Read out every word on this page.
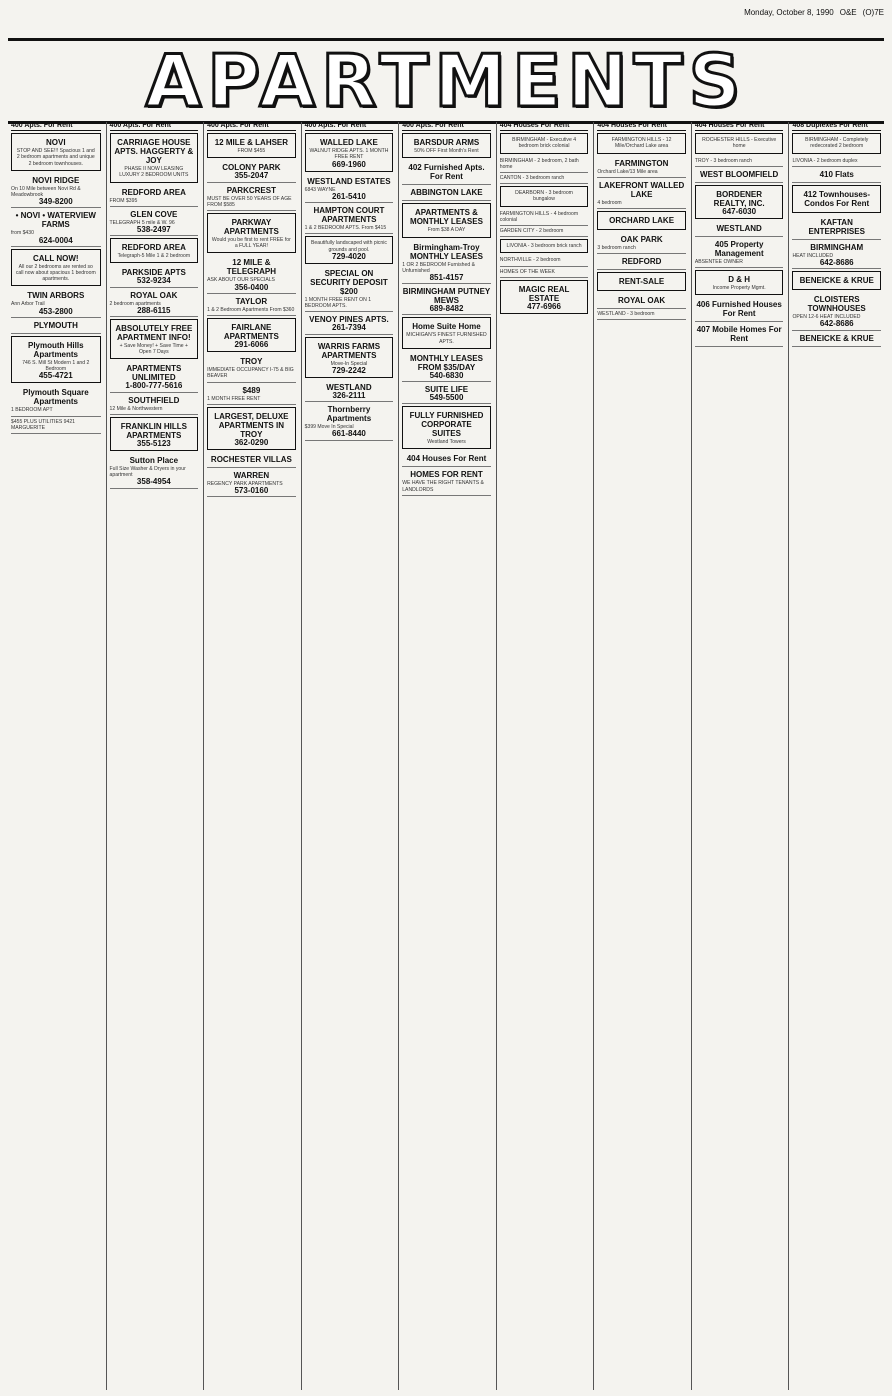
Monday, October 8, 1990 O&E (O)7E
APARTMENTS
400 Apts. For Rent
NOVI
STOP AND SEE!!! Spacious 1 and 2 bedroom apartments and unique 2 bedroom townhouses.
NOVI RIDGE
On 10 Mile between Novi Rd & Meadowbrook
349-8200
• NOVI • WATERVIEW FARMS
from $430
624-0004
CALL NOW!
All our 2 bedrooms are rented so call now about spacious 1 bedroom apartments.
TWIN ARBORS
Ann Arbor Trail
453-2800
PLYMOUTH
Plymouth Hills Apartments
746 S. Mill St Modern 1 and 2 Bedroom
455-4721
Plymouth Square Apartments
1 BEDROOM APT
$455 PLUS UTILITIES 9421 MARGUERITE
400 Apts. For Rent
CARRIAGE HOUSE APTS. HAGGERTY & JOY
PHASE II NOW LEASING LUXURY 2 BEDROOM UNITS
REDFORD AREA
FROM $395
GLEN COVE
TELEGRAPH 5 mile & W. 96
538-2497
REDFORD AREA
Telegraph-5 Mile 1 & 2 bedroom
PARKSIDE APTS
532-9234
ROYAL OAK
2 bedroom apartments
288-6115
ABSOLUTELY FREE APARTMENT INFO!
+ Save Money! + Save Time + Open 7 Days
APARTMENTS UNLIMITED
1-800-777-5616
SOUTHFIELD
12 Mile & Northwestern
FRANKLIN HILLS APARTMENTS
355-5123
Sutton Place
Full Size Washer & Dryers in your apartment
358-4954
400 Apts. For Rent
12 MILE & LAHSER
FROM $455
COLONY PARK
355-2047
PARKCREST
MUST BE OVER 50 YEARS OF AGE FROM $585
PARKWAY APARTMENTS
Would you be first to rent FREE for a FULL YEAR!
12 MILE & TELEGRAPH
ASK ABOUT OUR SPECIALS
356-0400
TAYLOR
1 & 2 Bedroom Apartments From $360
FAIRLANE APARTMENTS
291-6066
TROY
IMMEDIATE OCCUPANCY I-75 & BIG BEAVER
$489
1 MONTH FREE RENT
LARGEST, DELUXE APARTMENTS IN TROY
362-0290
ROCHESTER VILLAS
WARREN
REGENCY PARK APARTMENTS
573-0160
400 Apts. For Rent
WALLED LAKE
WALNUT RIDGE APTS. 1 MONTH FREE RENT
669-1960
WESTLAND ESTATES
6843 WAYNE
261-5410
HAMPTON COURT APARTMENTS
1 & 2 BEDROOM APTS. From $415
Beautifully landscaped with picnic grounds and pool.
729-4020
SPECIAL ON SECURITY DEPOSIT $200
1 MONTH FREE RENT ON 1 BEDROOM APTS.
VENOY PINES APTS.
261-7394
WARRIS FARMS APARTMENTS
Move-In Special
729-2242
WESTLAND
326-2111
Thornberry Apartments
$399 Move In Special
661-8440
400 Apts. For Rent
BARSDUR ARMS
50% OFF First Month's Rent
402 Furnished Apts. For Rent
ABBINGTON LAKE
APARTMENTS & MONTHLY LEASES
From $38 A DAY
Birmingham-Troy MONTHLY LEASES
1 OR 2 BEDROOM Furnished & Unfurnished
851-4157
BIRMINGHAM PUTNEY MEWS
689-8482
Home Suite Home
MICHIGAN'S FINEST FURNISHED APTS.
MONTHLY LEASES FROM $35/DAY
540-6830
SUITE LIFE
549-5500
FULLY FURNISHED CORPORATE SUITES
Westland Towers
404 Houses For Rent
HOMES FOR RENT
WE HAVE THE RIGHT TENANTS & LANDLORDS
404 Houses For Rent
BIRMINGHAM - Executive 4 bedroom brick colonial
BIRMINGHAM - 2 bedroom, 2 bath home
CANTON - 3 bedroom ranch
DEARBORN - 3 bedroom bungalow
FARMINGTON HILLS - 4 bedroom colonial
GARDEN CITY - 2 bedroom
LIVONIA - 3 bedroom brick ranch
NORTHVILLE - 2 bedroom
HOMES OF THE WEEK
MAGIC REAL ESTATE
477-6966
404 Houses For Rent
FARMINGTON HILLS - 12 Mile/Orchard Lake area
FARMINGTON
Orchard Lake/13 Mile area
LAKEFRONT WALLED LAKE
4 bedroom
ORCHARD LAKE
OAK PARK
3 bedroom ranch
REDFORD
RENT-SALE
ROYAL OAK
WESTLAND - 3 bedroom
404 Houses For Rent
ROCHESTER HILLS - Executive home
TROY - 3 bedroom ranch
WEST BLOOMFIELD
BORDENER REALTY, INC.
647-6030
WESTLAND
405 Property Management
ABSENTEE OWNER
D & H
Income Property Mgmt.
406 Furnished Houses For Rent
407 Mobile Homes For Rent
408 Duplexes For Rent
BIRMINGHAM - Completely redecorated 2 bedroom
LIVONIA - 2 bedroom duplex
410 Flats
412 Townhouses-Condos For Rent
KAFTAN ENTERPRISES
BIRMINGHAM
HEAT INCLUDED
642-8686
BENEICKE & KRUE
CLOISTERS TOWNHOUSES
OPEN 12-6 HEAT INCLUDED
642-8686
BENEICKE & KRUE
